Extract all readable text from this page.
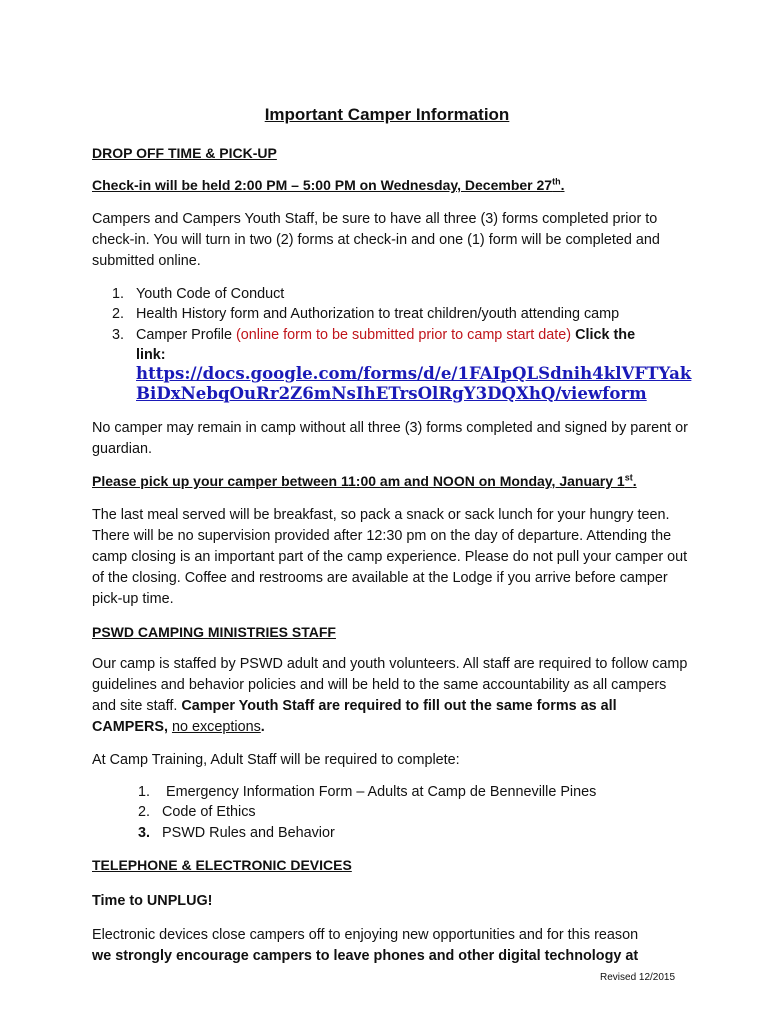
Important Camper Information
DROP OFF TIME & PICK-UP
Check-in will be held 2:00 PM – 5:00 PM on Wednesday, December 27th.
Campers and Campers Youth Staff, be sure to have all three (3) forms completed prior to check-in. You will turn in two (2) forms at check-in and one (1) form will be completed and submitted online.
1. Youth Code of Conduct
2. Health History form and Authorization to treat children/youth attending camp
3. Camper Profile (online form to be submitted prior to camp start date) Click the
link:
https://docs.google.com/forms/d/e/1FAIpQLSdnih4klVFTYak
BiDxNebqOuRr2Z6mNsIhETrsOlRgY3DQXhQ/viewform
No camper may remain in camp without all three (3) forms completed and signed by parent or guardian.
Please pick up your camper between 11:00 am and NOON on Monday, January 1st.
The last meal served will be breakfast, so pack a snack or sack lunch for your hungry teen. There will be no supervision provided after 12:30 pm on the day of departure. Attending the camp closing is an important part of the camp experience. Please do not pull your camper out of the closing. Coffee and restrooms are available at the Lodge if you arrive before camper pick-up time.
PSWD CAMPING MINISTRIES STAFF
Our camp is staffed by PSWD adult and youth volunteers. All staff are required to follow camp guidelines and behavior policies and will be held to the same accountability as all campers and site staff. Camper Youth Staff are required to fill out the same forms as all CAMPERS, no exceptions.
At Camp Training, Adult Staff will be required to complete:
1. Emergency Information Form – Adults at Camp de Benneville Pines
2. Code of Ethics
3. PSWD Rules and Behavior
TELEPHONE & ELECTRONIC DEVICES
Time to UNPLUG!
Electronic devices close campers off to enjoying new opportunities and for this reason
we strongly encourage campers to leave phones and other digital technology at
Revised 12/2015
